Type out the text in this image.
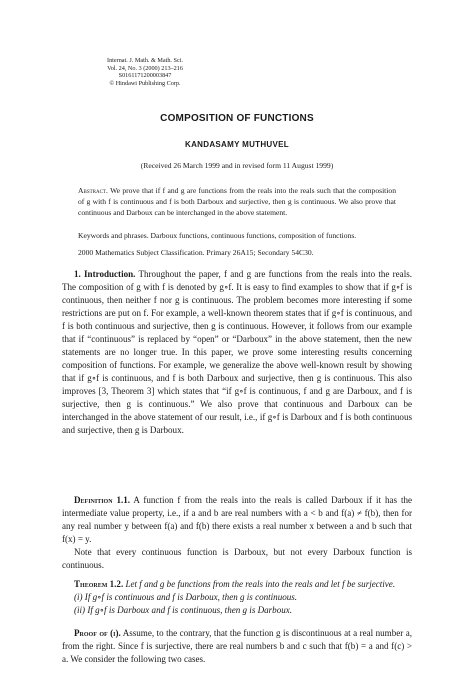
Internat. J. Math. & Math. Sci.
Vol. 24, No. 3 (2000) 213–216
S0161171200003847
© Hindawi Publishing Corp.
COMPOSITION OF FUNCTIONS
KANDASAMY MUTHUVEL
(Received 26 March 1999 and in revised form 11 August 1999)
Abstract. We prove that if f and g are functions from the reals into the reals such that the composition of g with f is continuous and f is both Darboux and surjective, then g is continuous. We also prove that continuous and Darboux can be interchanged in the above statement.
Keywords and phrases. Darboux functions, continuous functions, composition of functions.
2000 Mathematics Subject Classification. Primary 26A15; Secondary 54C30.
1. Introduction. Throughout the paper, f and g are functions from the reals into the reals. The composition of g with f is denoted by g∘f. It is easy to find examples to show that if g∘f is continuous, then neither f nor g is continuous. The problem becomes more interesting if some restrictions are put on f. For example, a well-known theorem states that if g∘f is continuous, and f is both continuous and surjective, then g is continuous. However, it follows from our example that if “continuous” is replaced by “open” or “Darboux” in the above statement, then the new statements are no longer true. In this paper, we prove some interesting results concerning composition of functions. For example, we generalize the above well-known result by showing that if g∘f is continuous, and f is both Darboux and surjective, then g is continuous. This also improves [3, Theorem 3] which states that “if g∘f is continuous, f and g are Darboux, and f is surjective, then g is continuous.” We also prove that continuous and Darboux can be interchanged in the above statement of our result, i.e., if g∘f is Darboux and f is both continuous and surjective, then g is Darboux.
Definition 1.1. A function f from the reals into the reals is called Darboux if it has the intermediate value property, i.e., if a and b are real numbers with a < b and f(a) ≠ f(b), then for any real number y between f(a) and f(b) there exists a real number x between a and b such that f(x) = y.
Note that every continuous function is Darboux, but not every Darboux function is continuous.
Theorem 1.2. Let f and g be functions from the reals into the reals and let f be surjective.
(i) If g∘f is continuous and f is Darboux, then g is continuous.
(ii) If g∘f is Darboux and f is continuous, then g is Darboux.
Proof of (i). Assume, to the contrary, that the function g is discontinuous at a real number a, from the right. Since f is surjective, there are real numbers b and c such that f(b) = a and f(c) > a. We consider the following two cases.
